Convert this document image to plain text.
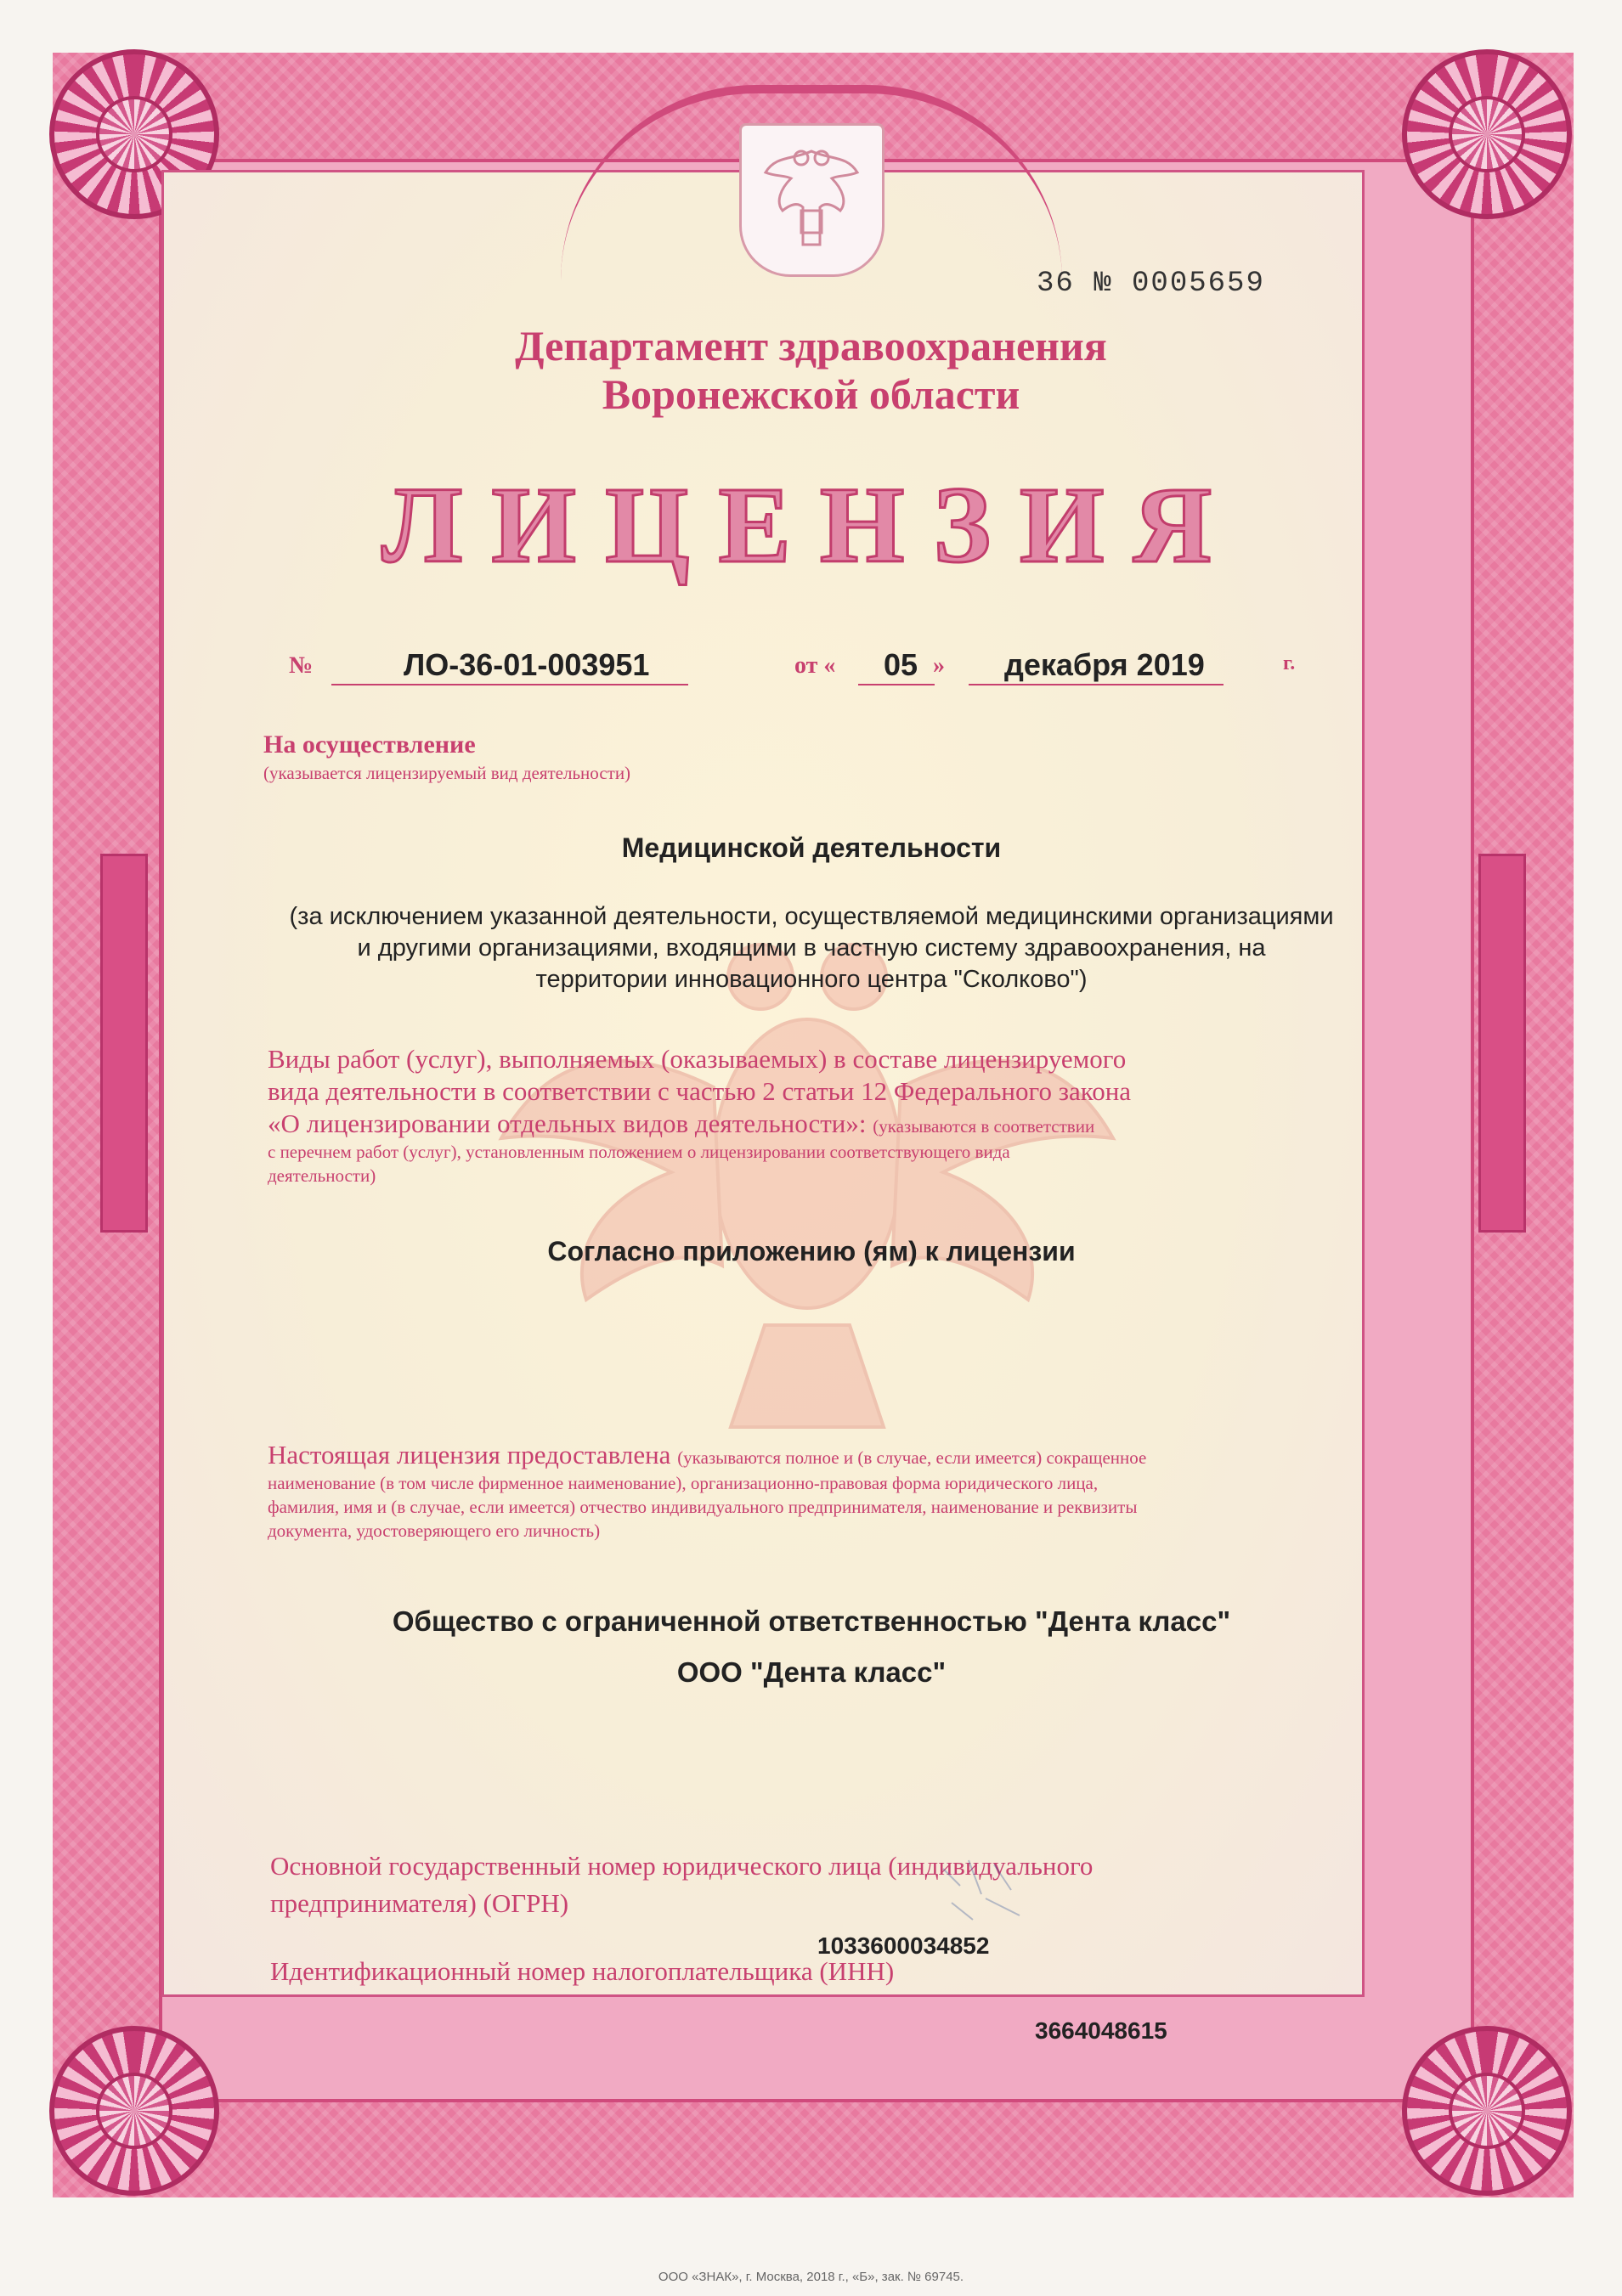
36 № 0005659

Департамент здравоохранения

Воронежской области

ЛИЦЕНЗИЯ

№	ЛО-36-01-003951	от « 05 » декабря 2019	г.

На осуществление

(указывается лицензируемый вид деятельности)

Медицинской деятельности

(за исключением указанной деятельности, осуществляемой медицинскими организациями

и другими организациями, входящими в частную систему здравоохранения, на

территории инновационного центра "Сколково")

Виды работ (услуг), выполняемых (оказываемых) в составе лицензируемого

вида деятельности в соответствии с частью 2 статьи 12 Федерального закона

«О лицензировании отдельных видов деятельности»: (указываются в соответствии

с перечнем работ (услуг), установленным положением о лицензировании соответствующего вида

деятельности)

Согласно приложению (ям) к лицензии

Настоящая лицензия предоставлена (указываются полное и (в случае, если имеется) сокращенное

наименование (в том числе фирменное наименование), организационно-правовая форма юридического лица,

фамилия, имя и (в случае, если имеется) отчество индивидуального предпринимателя, наименование и реквизиты

документа, удостоверяющего его личность)

Общество с ограниченной ответственностью "Дента класс"

ООО "Дента класс"

Основной государственный номер юридического лица (индивидуального

предпринимателя) (ОГРН)

1033600034852

Идентификационный номер налогоплательщика (ИНН)

3664048615

ООО «ЗНАК», г. Москва, 2018 г., «Б», зак. № 69745.
